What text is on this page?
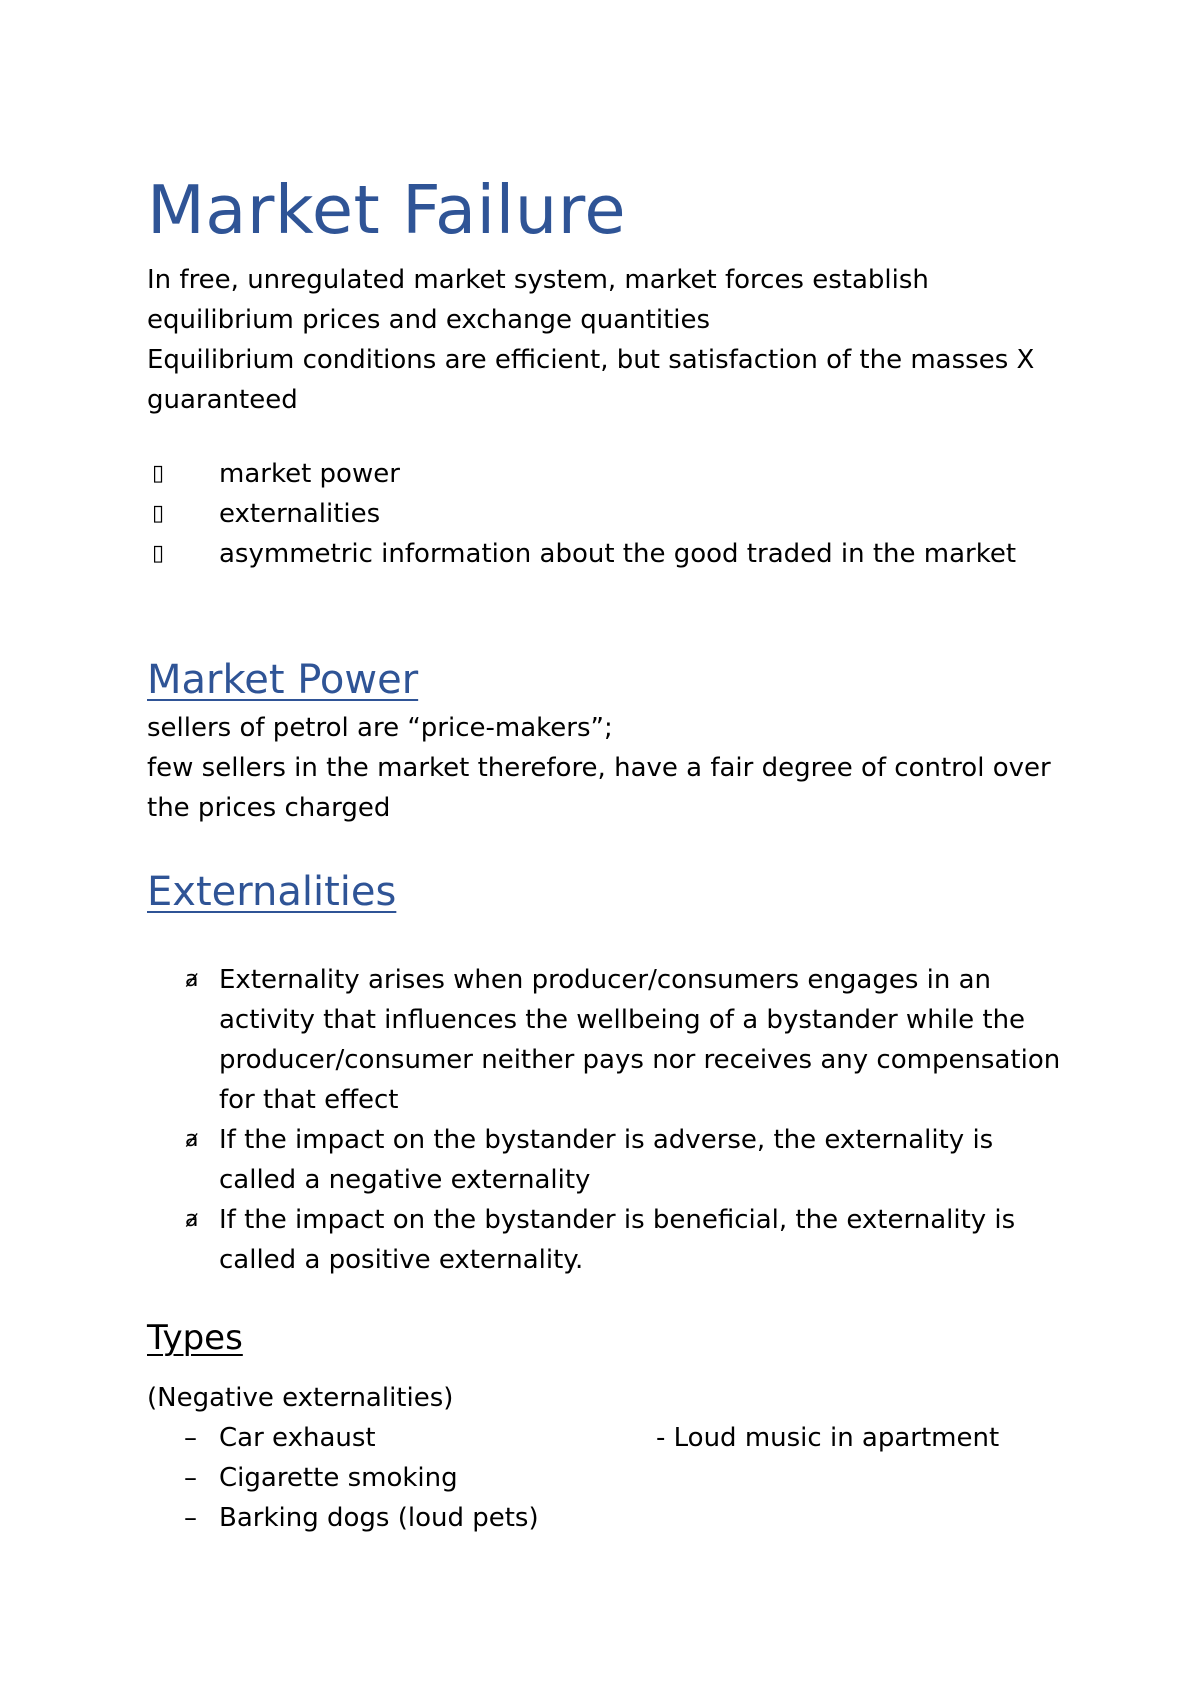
Market Failure

In free, unregulated market system, market forces establish

equilibrium prices and exchange quantities

Equilibrium conditions are efficient, but satisfaction of the masses X

guaranteed

▯	market power
▯	externalities
▯	asymmetric information about the good traded in the market
Market Power

sellers of petrol are “price-makers”;

few sellers in the market therefore, have a fair degree of control over

the prices charged

Externalities
ⱥ Externality arises when producer/consumers engages in an activity that influences the wellbeing of a bystander while the producer/consumer neither pays nor receives any compensation for that effect
ⱥ If the impact on the bystander is adverse, the externality is called a negative externality
ⱥ If the impact on the bystander is beneficial, the externality is called a positive externality.
Types

(Negative externalities)

– Car exhaust	- Loud music in apartment
– Cigarette smoking
– Barking dogs (loud pets)
